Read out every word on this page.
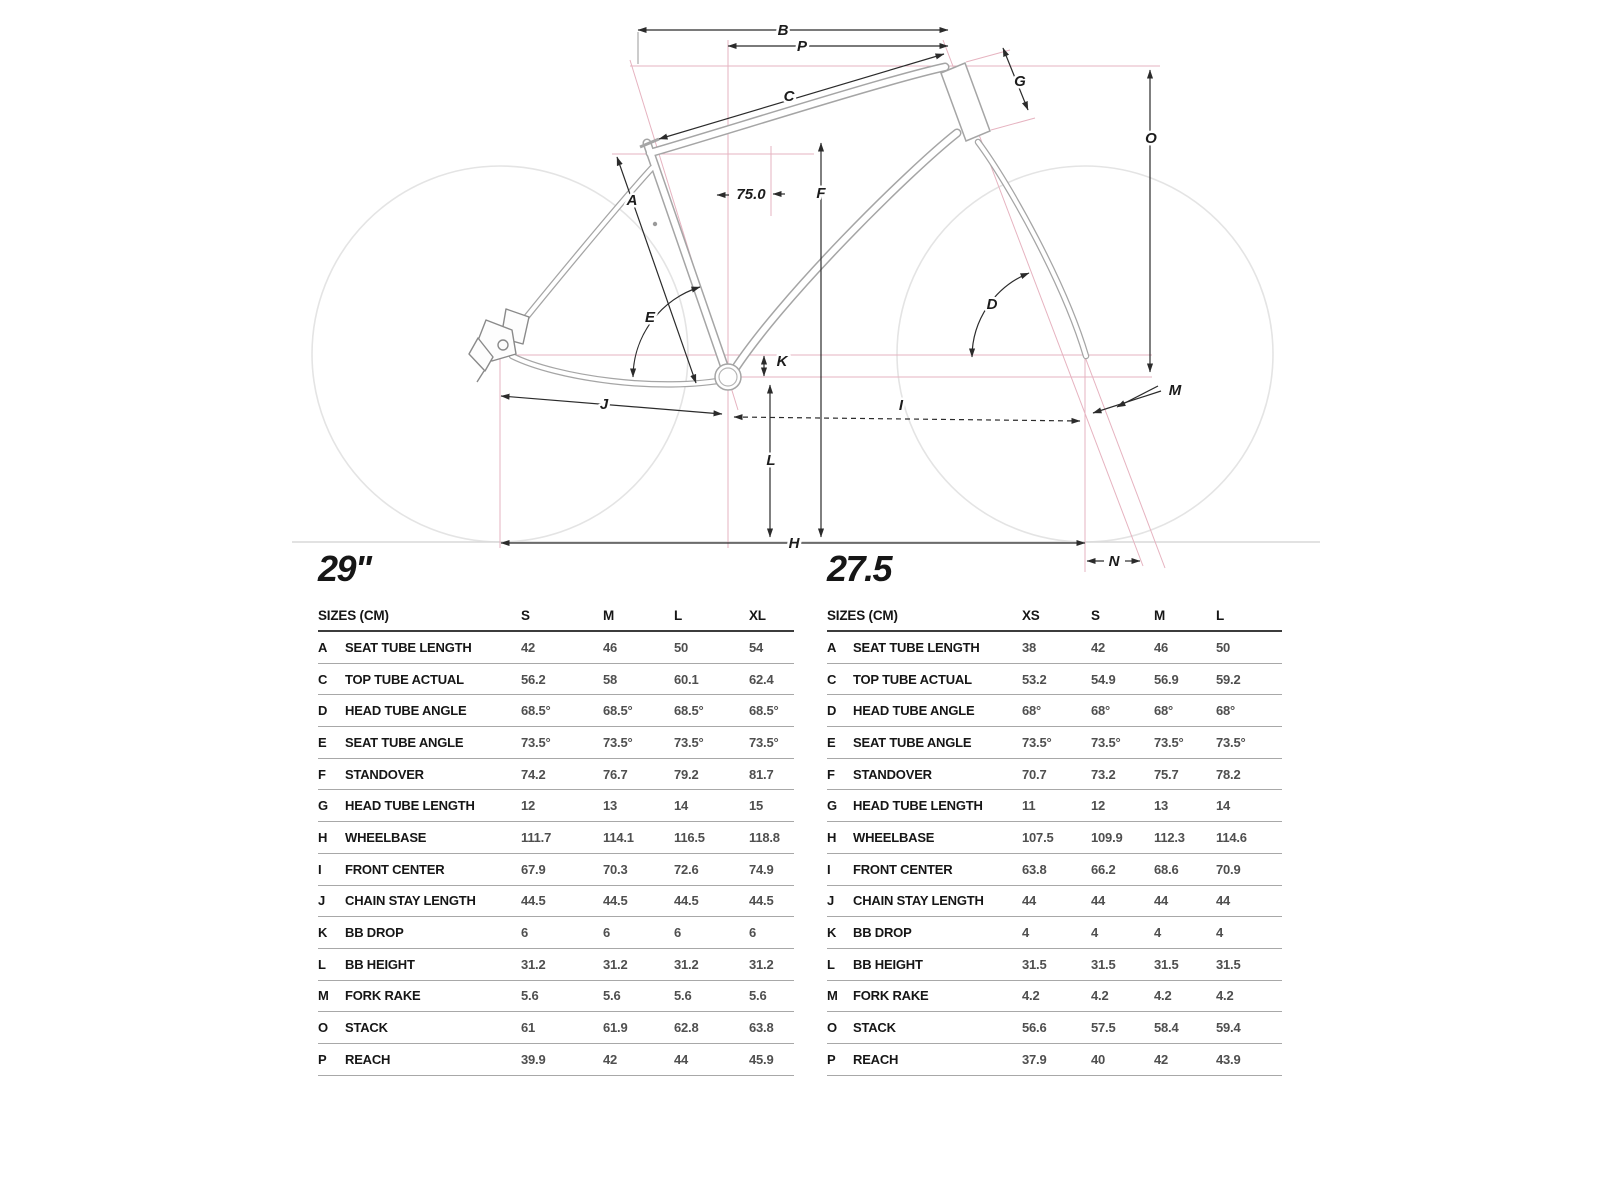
A
B
C
D
E
F
G
H
I
J
K
L
M
N
O
P
75.0
29"
SIZES (CM)	S	M	L	XL
A	SEAT TUBE LENGTH	42	46	50	54
C	TOP TUBE ACTUAL	56.2	58	60.1	62.4
D	HEAD TUBE ANGLE	68.5°	68.5°	68.5°	68.5°
E	SEAT TUBE ANGLE	73.5°	73.5°	73.5°	73.5°
F	STANDOVER	74.2	76.7	79.2	81.7
G	HEAD TUBE LENGTH	12	13	14	15
H	WHEELBASE	111.7	114.1	116.5	118.8
I	FRONT CENTER	67.9	70.3	72.6	74.9
J	CHAIN STAY LENGTH	44.5	44.5	44.5	44.5
K	BB DROP	6	6	6	6
L	BB HEIGHT	31.2	31.2	31.2	31.2
M	FORK RAKE	5.6	5.6	5.6	5.6
O	STACK	61	61.9	62.8	63.8
P	REACH	39.9	42	44	45.9
27.5
SIZES (CM)	XS	S	M	L
A	SEAT TUBE LENGTH	38	42	46	50
C	TOP TUBE ACTUAL	53.2	54.9	56.9	59.2
D	HEAD TUBE ANGLE	68°	68°	68°	68°
E	SEAT TUBE ANGLE	73.5°	73.5°	73.5°	73.5°
F	STANDOVER	70.7	73.2	75.7	78.2
G	HEAD TUBE LENGTH	11	12	13	14
H	WHEELBASE	107.5	109.9	112.3	114.6
I	FRONT CENTER	63.8	66.2	68.6	70.9
J	CHAIN STAY LENGTH	44	44	44	44
K	BB DROP	4	4	4	4
L	BB HEIGHT	31.5	31.5	31.5	31.5
M	FORK RAKE	4.2	4.2	4.2	4.2
O	STACK	56.6	57.5	58.4	59.4
P	REACH	37.9	40	42	43.9
